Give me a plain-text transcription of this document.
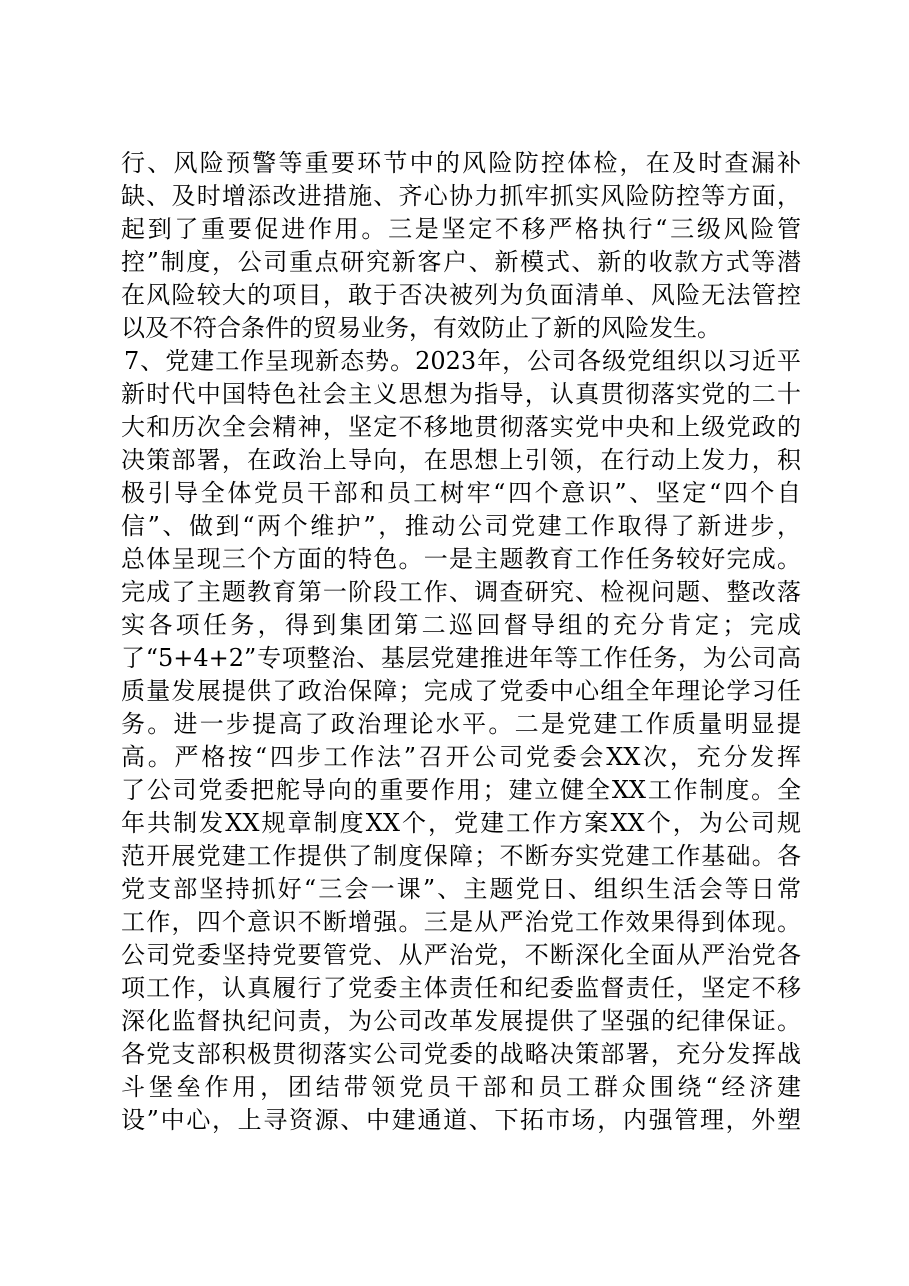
行、风险预警等重要环节中的风险防控体检，在及时查漏补
缺、及时增添改进措施、齐心协力抓牢抓实风险防控等方面，
起到了重要促进作用。三是坚定不移严格执行“三级风险管
控”制度，公司重点研究新客户、新模式、新的收款方式等潜
在风险较大的项目，敢于否决被列为负面清单、风险无法管控
以及不符合条件的贸易业务，有效防止了新的风险发生。
7、党建工作呈现新态势。2023年，公司各级党组织以习近平
新时代中国特色社会主义思想为指导，认真贯彻落实党的二十
大和历次全会精神，坚定不移地贯彻落实党中央和上级党政的
决策部署，在政治上导向，在思想上引领，在行动上发力，积
极引导全体党员干部和员工树牢“四个意识”、坚定“四个自
信”、做到“两个维护”，推动公司党建工作取得了新进步，
总体呈现三个方面的特色。一是主题教育工作任务较好完成。
完成了主题教育第一阶段工作、调查研究、检视问题、整改落
实各项任务，得到集团第二巡回督导组的充分肯定；完成
了“5+4+2”专项整治、基层党建推进年等工作任务，为公司高
质量发展提供了政治保障；完成了党委中心组全年理论学习任
务。进一步提高了政治理论水平。二是党建工作质量明显提
高。严格按“四步工作法”召开公司党委会XX次，充分发挥
了公司党委把舵导向的重要作用；建立健全XX工作制度。全
年共制发XX规章制度XX个，党建工作方案XX个，为公司规
范开展党建工作提供了制度保障；不断夯实党建工作基础。各
党支部坚持抓好“三会一课”、主题党日、组织生活会等日常
工作，四个意识不断增强。三是从严治党工作效果得到体现。
公司党委坚持党要管党、从严治党，不断深化全面从严治党各
项工作，认真履行了党委主体责任和纪委监督责任，坚定不移
深化监督执纪问责，为公司改革发展提供了坚强的纪律保证。
各党支部积极贯彻落实公司党委的战略决策部署，充分发挥战
斗堡垒作用，团结带领党员干部和员工群众围绕“经济建
设”中心，上寻资源、中建通道、下拓市场，内强管理，外塑
